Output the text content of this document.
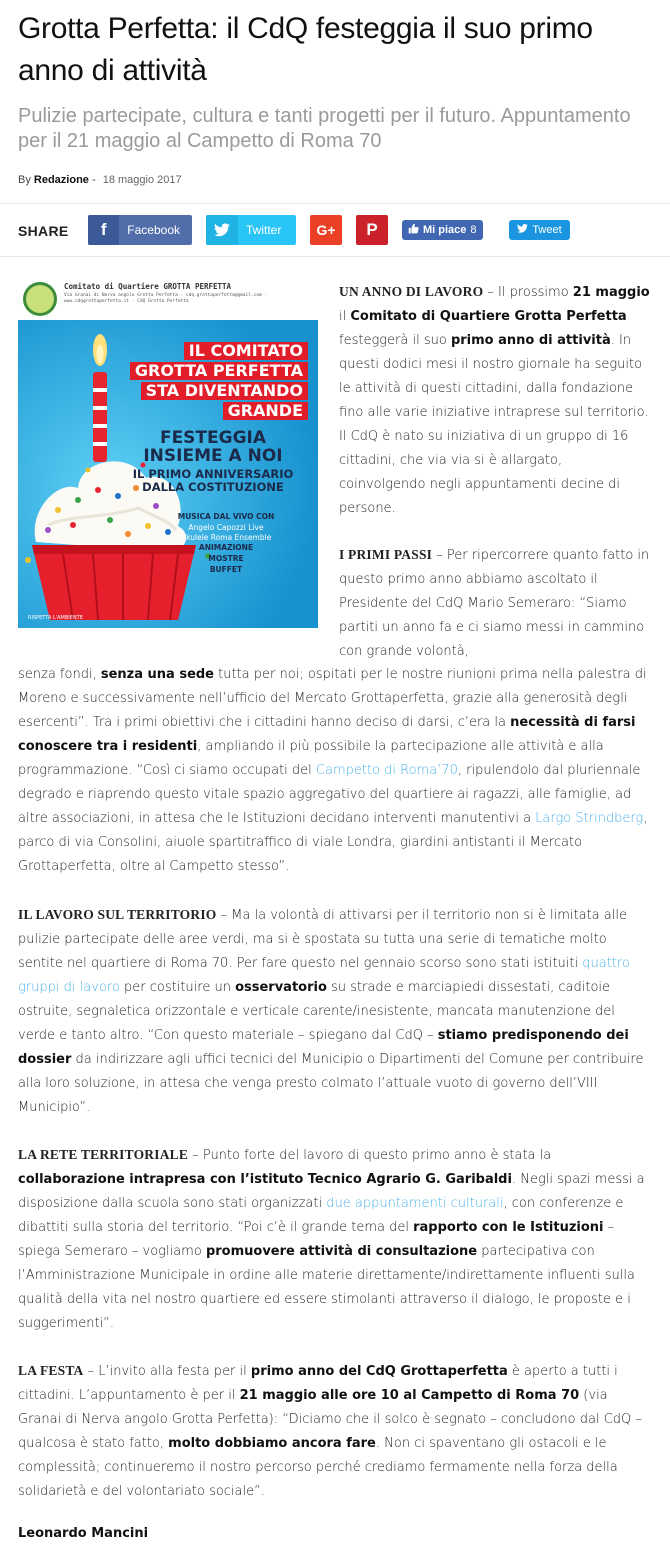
Grotta Perfetta: il CdQ festeggia il suo primo anno di attività
Pulizie partecipate, cultura e tanti progetti per il futuro. Appuntamento per il 21 maggio al Campetto di Roma 70
By Redazione - 18 maggio 2017
SHARE	f	Facebook	Twitter	G+	P	Mi piace 8	Tweet
Comitato di Quartiere GROTTA PERFETTA
Via Granai di Nerva angolo Grotta Perfetta · cdq.grottaperfetta@gmail.com · www.cdqgrottaperfetta.it · CdQ Grotta Perfetta
IL COMITATO
GROTTA PERFETTA
STA DIVENTANDO
GRANDE
FESTEGGIA
INSIEME A NOI
IL PRIMO ANNIVERSARIO
DALLA COSTITUZIONE
MUSICA DAL VIVO CON
Angelo Capozzi Live
Ukulele Roma Ensemble
ANIMAZIONE
MOSTRE
BUFFET
RISPETTA L'AMBIENTE
UN ANNO DI LAVORO – Il prossimo 21 maggio il Comitato di Quartiere Grotta Perfetta festeggerà il suo primo anno di attività. In questi dodici mesi il nostro giornale ha seguito le attività di questi cittadini, dalla fondazione fino alle varie iniziative intraprese sul territorio. Il CdQ è nato su iniziativa di un gruppo di 16 cittadini, che via via si è allargato, coinvolgendo negli appuntamenti decine di persone.
I PRIMI PASSI – Per ripercorrere quanto fatto in questo primo anno abbiamo ascoltato il Presidente del CdQ Mario Semeraro: “Siamo partiti un anno fa e ci siamo messi in cammino con grande volontà,
senza fondi, senza una sede tutta per noi; ospitati per le nostre riunioni prima nella palestra di Moreno e successivamente nell’ufficio del Mercato Grottaperfetta, grazie alla generosità degli esercenti”. Tra i primi obiettivi che i cittadini hanno deciso di darsi, c’era la necessità di farsi conoscere tra i residenti, ampliando il più possibile la partecipazione alle attività e alla programmazione. “Così ci siamo occupati del Campetto di Roma’70, ripulendolo dal pluriennale degrado e riaprendo questo vitale spazio aggregativo del quartiere ai ragazzi, alle famiglie, ad altre associazioni, in attesa che le Istituzioni decidano interventi manutentivi a Largo Strindberg, parco di via Consolini, aiuole spartitraffico di viale Londra, giardini antistanti il Mercato Grottaperfetta, oltre al Campetto stesso”.
IL LAVORO SUL TERRITORIO – Ma la volontà di attivarsi per il territorio non si è limitata alle pulizie partecipate delle aree verdi, ma si è spostata su tutta una serie di tematiche molto sentite nel quartiere di Roma 70. Per fare questo nel gennaio scorso sono stati istituiti quattro gruppi di lavoro per costituire un osservatorio su strade e marciapiedi dissestati, caditoie ostruite, segnaletica orizzontale e verticale carente/inesistente, mancata manutenzione del verde e tanto altro. “Con questo materiale – spiegano dal CdQ – stiamo predisponendo dei dossier da indirizzare agli uffici tecnici del Municipio o Dipartimenti del Comune per contribuire alla loro soluzione, in attesa che venga presto colmato l’attuale vuoto di governo dell’VIII Municipio”.
LA RETE TERRITORIALE – Punto forte del lavoro di questo primo anno è stata la collaborazione intrapresa con l’istituto Tecnico Agrario G. Garibaldi. Negli spazi messi a disposizione dalla scuola sono stati organizzati due appuntamenti culturali, con conferenze e dibattiti sulla storia del territorio. “Poi c’è il grande tema del rapporto con le Istituzioni – spiega Semeraro – vogliamo promuovere attività di consultazione partecipativa con l’Amministrazione Municipale in ordine alle materie direttamente/indirettamente influenti sulla qualità della vita nel nostro quartiere ed essere stimolanti attraverso il dialogo, le proposte e i suggerimenti”.
LA FESTA – L’invito alla festa per il primo anno del CdQ Grottaperfetta è aperto a tutti i cittadini. L’appuntamento è per il 21 maggio alle ore 10 al Campetto di Roma 70 (via Granai di Nerva angolo Grotta Perfetta): “Diciamo che il solco è segnato – concludono dal CdQ – qualcosa è stato fatto, molto dobbiamo ancora fare. Non ci spaventano gli ostacoli e le complessità; continueremo il nostro percorso perché crediamo fermamente nella forza della solidarietà e del volontariato sociale”.
Leonardo Mancini
